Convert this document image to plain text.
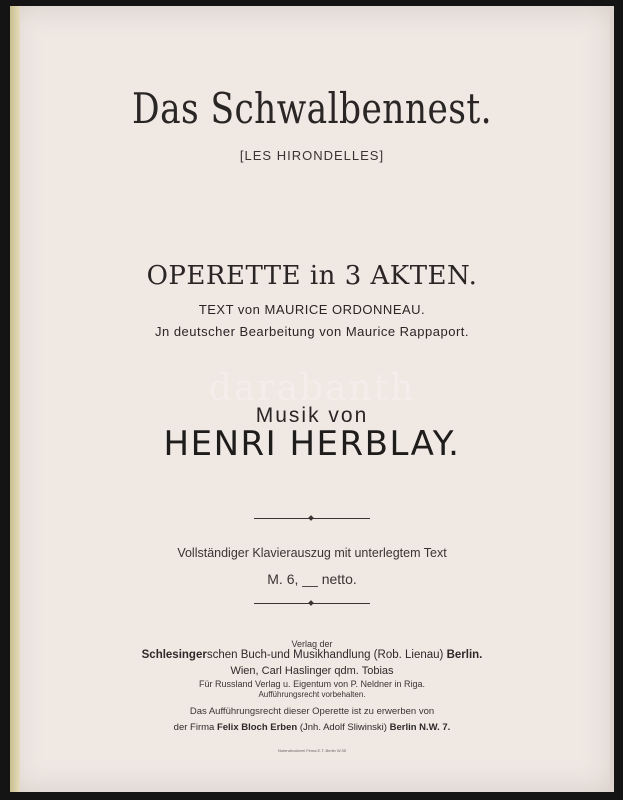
Das Schwalbennest.
[LES HIRONDELLES]
OPERETTE in 3 AKTEN.
TEXT von MAURICE ORDONNEAU.
Jn deutscher Bearbeitung von Maurice Rappaport.
darabanth
Musik von
HENRI HERBLAY.
Vollständiger Klavierauszug mit unterlegtem Text
M. 6, __ netto.
Verlag der
Schlesingerschen Buch-und Musikhandlung (Rob. Lienau) Berlin.
Wien, Carl Haslinger qdm. Tobias
Für Russland Verlag u. Eigentum von P. Neldner in Riga.
Aufführungsrecht vorbehalten.
Das Aufführungsrecht dieser Operette ist zu erwerben von
der Firma Felix Bloch Erben (Jnh. Adolf Sliwinski) Berlin N.W. 7.
Notendruckerei Firma E.T. Berlin W.35
